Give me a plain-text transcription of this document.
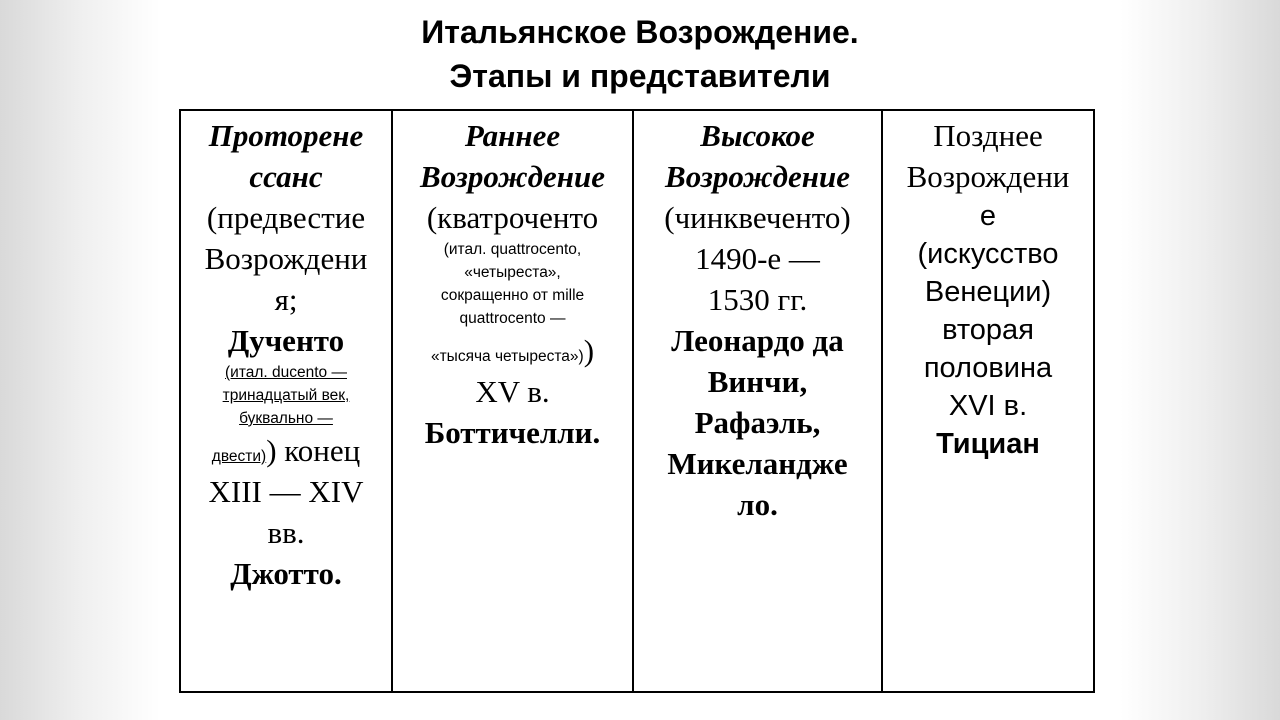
Итальянское Возрождение.
Этапы и представители
Проторене
ссанс
(предвестие
Возрождени
я;
Дученто
(итал. ducento —
тринадцатый век,
буквально —
двести)) конец
XIII — XIV
вв.
Джотто.
Раннее
Возрождение
(кватроченто
(итал. quattrocento,
«четыреста»,
сокращенно от mille
quattrocento —
«тысяча четыреста»))
XV в.
Боттичелли.
Высокое
Возрождение
(чинквеченто)
1490-е —
1530 гг.
Леонардо да
Винчи,
Рафаэль,
Микеландже
ло.
Позднее
Возрождени
е
(искусство
Венеции)
вторая
половина
XVI в.
Тициан
